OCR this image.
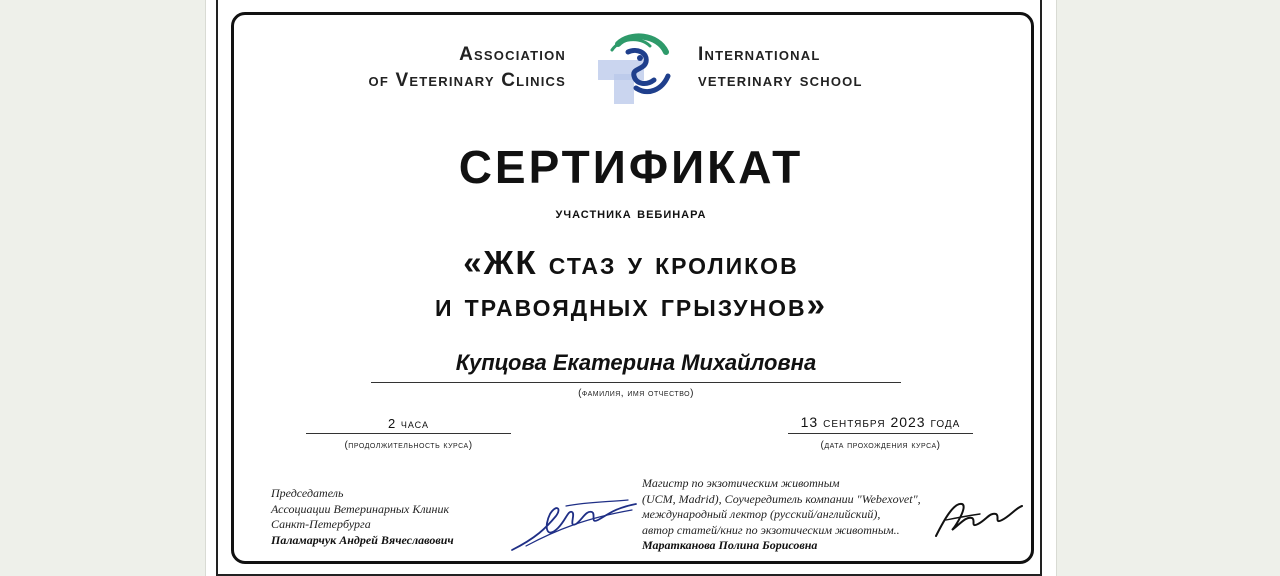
Association
of Veterinary Clinics
International
veterinary school
СЕРТИФИКАТ
участника вебинара
«ЖК стаз у кроликов
и травоядных грызунов»
Купцова Екатерина Михайловна
(фамилия, имя отчество)
2 часа
(продолжительность курса)
13 сентября 2023 года
(дата прохождения курса)
Председатель
Ассоциации Ветеринарных Клиник
Санкт-Петербурга
Паламарчук Андрей Вячеславович
Магистр по экзотическим животным
(UCM, Madrid), Соучередитель компании "Webexovet",
международный лектор (русский/английский),
автор статей/книг по экзотическим животным..
Маратканова Полина Борисовна
